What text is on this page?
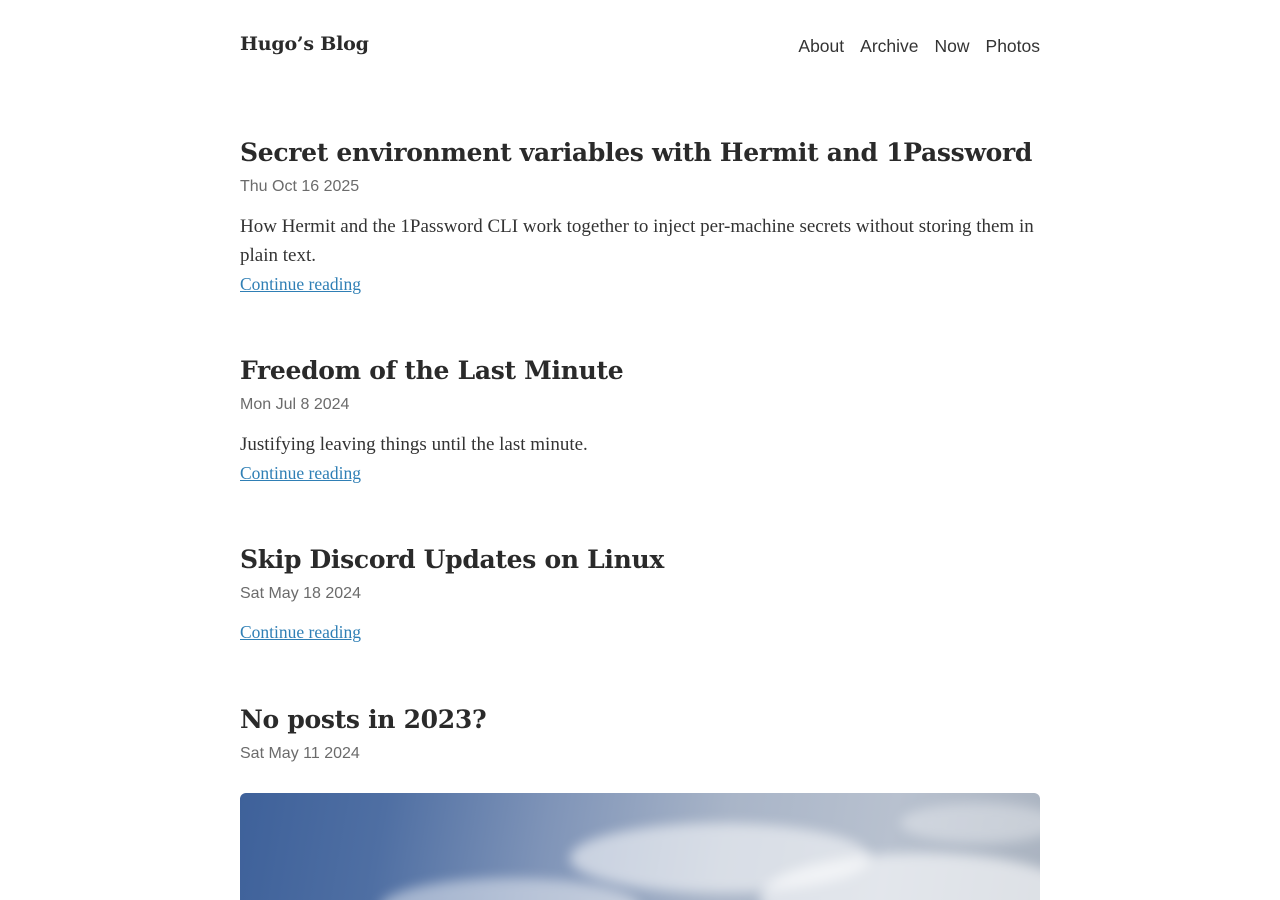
Hugo’s Blog	About Archive Now Photos
Secret environment variables with Hermit and 1Password
Thu Oct 16 2025

How Hermit and the 1Password CLI work together to inject per-machine secrets without storing them in plain text.

Continue reading
Freedom of the Last Minute
Mon Jul 8 2024

Justifying leaving things until the last minute.

Continue reading
Skip Discord Updates on Linux
Sat May 18 2024
Continue reading
No posts in 2023?
Sat May 11 2024
